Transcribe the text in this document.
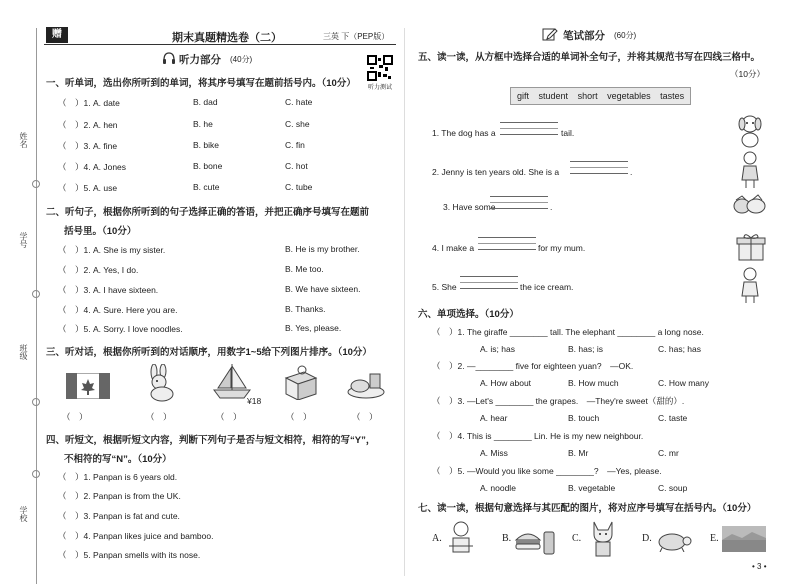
姓名
学号
班级
学校
赠	期末真题精选卷（二）	三英 下（PEP版）
听力测试
听力部分 (40分)
一、听单词，选出你所听到的单词，将其序号填写在题前括号内。（10分）
（　）1. A. date	B. dad	C. hate
（　）2. A. hen	B. he	C. she
（　）3. A. fine	B. bike	C. fin
（　）4. A. Jones	B. bone	C. hot
（　）5. A. use	B. cute	C. tube
二、听句子，根据你所听到的句子选择正确的答语，并把正确序号填写在题前
括号里。（10分）
（　）1. A. She is my sister.	B. He is my brother.
（　）2. A. Yes, I do.	B. Me too.
（　）3. A. I have sixteen.	B. We have sixteen.
（　）4. A. Sure. Here you are.	B. Thanks.
（　）5. A. Sorry. I love noodles.	B. Yes, please.
三、听对话，根据你所听到的对话顺序，用数字1~5给下列图片排序。（10分）
¥18
（　）	（　）	（　）	（　）	（　）
四、听短文，根据听短文内容，判断下列句子是否与短文相符，相符的写“Y”，
不相符的写“N”。（10分）
（　）1. Panpan is 6 years old.
（　）2. Panpan is from the UK.
（　）3. Panpan is fat and cute.
（　）4. Panpan likes juice and bamboo.
（　）5. Panpan smells with its nose.
笔试部分 (60分)
五、读一读，从方框中选择合适的单词补全句子，并将其规范书写在四线三格中。
（10分）
gift student short vegetables tastes
1. The dog has a	tail.
2. Jenny is ten years old. She is a	.
3. Have some	.
4. I make a	for my mum.
5. She	the ice cream.
六、单项选择。（10分）
（　）1. The giraffe ________ tall. The elephant ________ a long nose.
A. is; has	B. has; is	C. has; has
（　）2. —________ five for eighteen yuan?　—OK.
A. How about	B. How much	C. How many
（　）3. —Let's ________ the grapes.　—They're sweet（甜的）.
A. hear	B. touch	C. taste
（　）4. This is ________ Lin. He is my new neighbour.
A. Miss	B. Mr	C. mr
（　）5. —Would you like some ________?　—Yes, please.
A. noodle	B. vegetable	C. soup
七、读一读，根据句意选择与其匹配的图片，将对应序号填写在括号内。（10分）
A.	B.	C.	D.	E.
• 3 •
